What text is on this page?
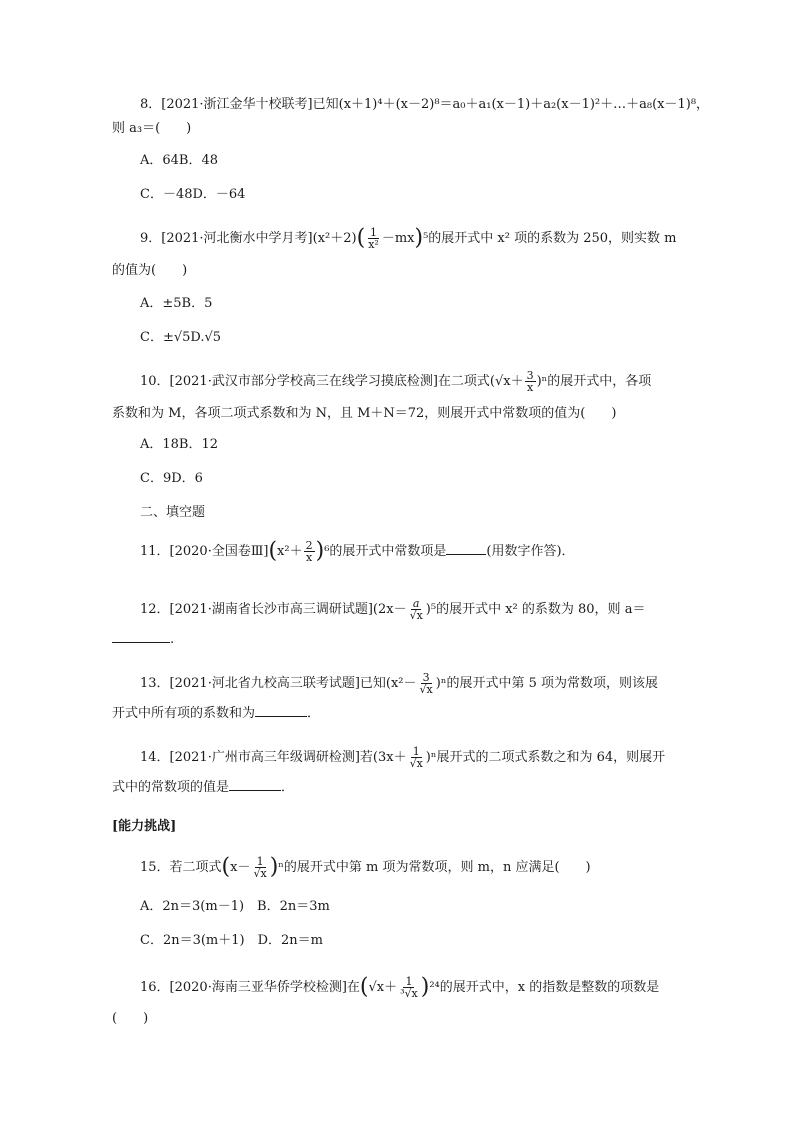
8．[2021·浙江金华十校联考]已知(x＋1)⁴＋(x－2)⁸＝a₀＋a₁(x－1)＋a₂(x－1)²＋…＋a₈(x－1)⁸，
则 a₃＝(　　)
A．64B．48
C．－48D．－64
9．[2021·河北衡水中学月考]$(x^2+2)( \frac{1}{\text{x²}} -mx)^5$的展开式中 x² 项的系数为 250，则实数 m
的值为(　　)
A．±5B．5
C．±√5D.√5
10．[2021·武汉市部分学校高三在线学习摸底检测]在二项式$(√x+ \frac{3}{x} )^n$的展开式中，各项
系数和为 M，各项二项式系数和为 N，且 M＋N＝72，则展开式中常数项的值为(　　)
A．18B．12
C．9D．6
二、填空题
11．[2020·全国卷Ⅲ](x²＋ $\frac{2}{x} )^6$的展开式中常数项是	(用数字作答)．
12．[2021·湖南省长沙市高三调研试题]$(2x- \frac{a}{√x} )^5$的展开式中 x² 的系数为 80，则 a＝
.
13．[2021·河北省九校高三联考试题]已知$(x^2- \frac{3}{√x} )^n$的展开式中第 5 项为常数项，则该展
开式中所有项的系数和为	．
14．[2021·广州市高三年级调研检测]若$(3x+ \frac{1}{√x} )^n$展开式的二项式系数之和为 64，则展开
式中的常数项的值是	．
[能力挑战]
15．若二项式$(x- \frac{1}{√x} )^n$的展开式中第 m 项为常数项，则 m，n 应满足(　　)
A．2n＝3(m－1)　B．2n＝3m
C．2n＝3(m＋1)　D．2n＝m
16．[2020·海南三亚华侨学校检测]在$(√x+ \frac{1}{\text{³√x}} )^{24}$的展开式中，x 的指数是整数的项数是
(　　)
